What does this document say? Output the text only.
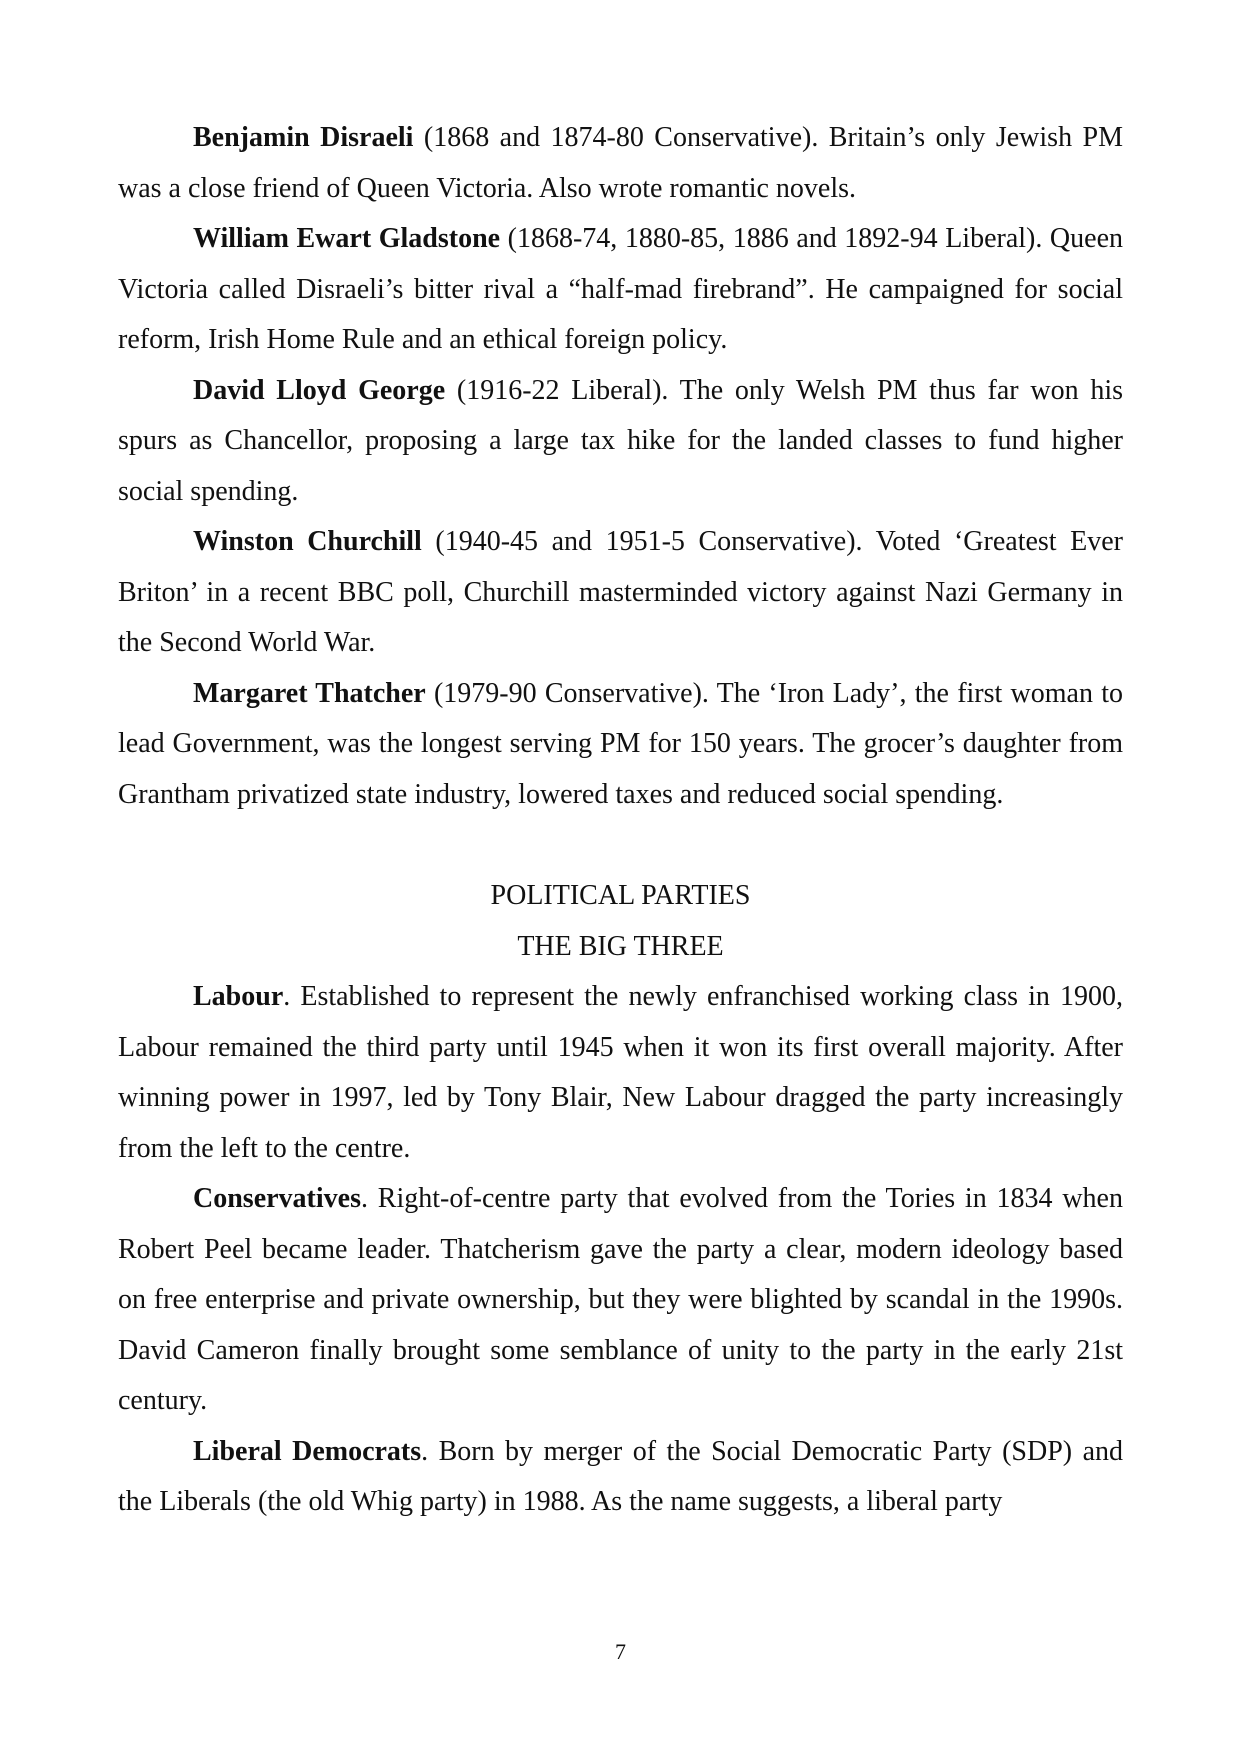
Benjamin Disraeli (1868 and 1874-80 Conservative). Britain’s only Jewish PM was a close friend of Queen Victoria. Also wrote romantic novels.

William Ewart Gladstone (1868-74, 1880-85, 1886 and 1892-94 Liberal). Queen Victoria called Disraeli’s bitter rival a “half-mad firebrand”. He campaigned for social reform, Irish Home Rule and an ethical foreign policy.

David Lloyd George (1916-22 Liberal). The only Welsh PM thus far won his spurs as Chancellor, proposing a large tax hike for the landed classes to fund higher social spending.

Winston Churchill (1940-45 and 1951-5 Conservative). Voted ‘Greatest Ever Briton’ in a recent BBC poll, Churchill masterminded victory against Nazi Germany in the Second World War.

Margaret Thatcher (1979-90 Conservative). The ‘Iron Lady’, the first woman to lead Government, was the longest serving PM for 150 years. The grocer’s daughter from Grantham privatized state industry, lowered taxes and reduced social spending.

POLITICAL PARTIES

THE BIG THREE

Labour. Established to represent the newly enfranchised working class in 1900, Labour remained the third party until 1945 when it won its first overall majority. After winning power in 1997, led by Tony Blair, New Labour dragged the party increasingly from the left to the centre.

Conservatives. Right-of-centre party that evolved from the Tories in 1834 when Robert Peel became leader. Thatcherism gave the party a clear, modern ideology based on free enterprise and private ownership, but they were blighted by scandal in the 1990s. David Cameron finally brought some semblance of unity to the party in the early 21st century.

Liberal Democrats. Born by merger of the Social Democratic Party (SDP) and the Liberals (the old Whig party) in 1988. As the name suggests, a liberal party

7
